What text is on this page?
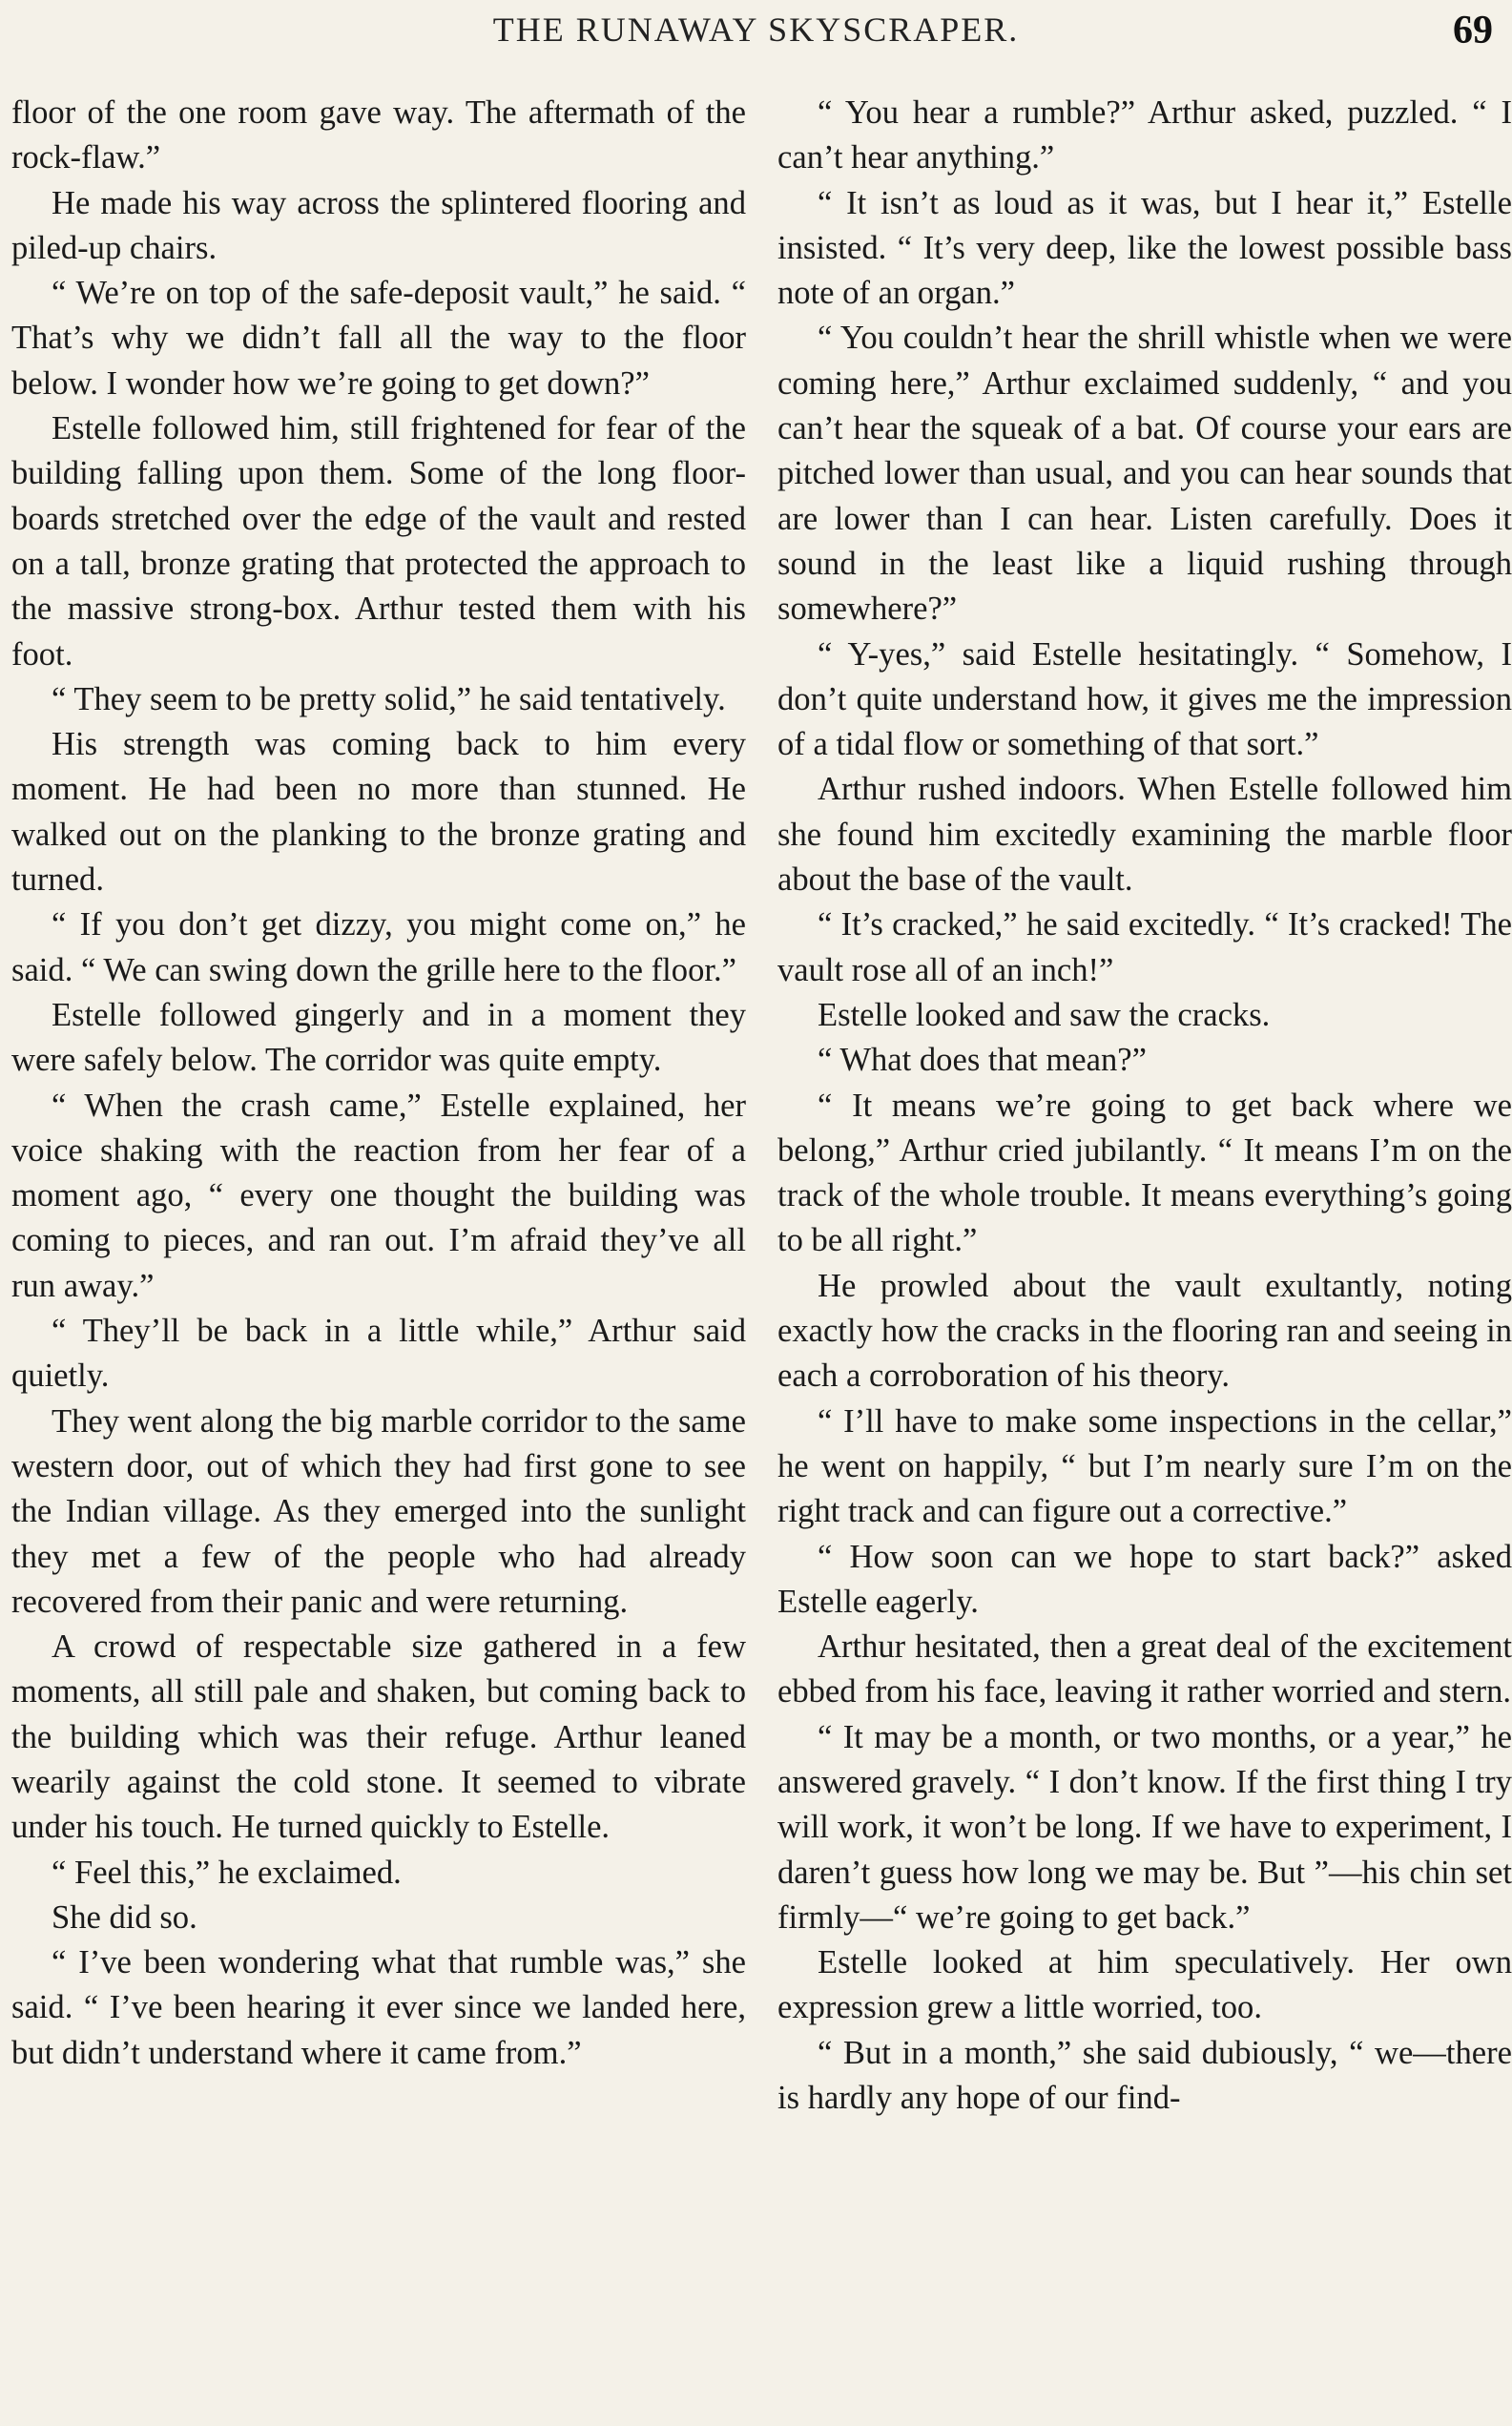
THE RUNAWAY SKYSCRAPER.	69

floor of the one room gave way. The aftermath of the rock-flaw.”

He made his way across the splintered flooring and piled-up chairs.

“ We’re on top of the safe-deposit vault,” he said. “ That’s why we didn’t fall all the way to the floor below. I wonder how we’re going to get down?”

Estelle followed him, still frightened for fear of the building falling upon them. Some of the long floor-boards stretched over the edge of the vault and rested on a tall, bronze grating that protected the approach to the massive strong-box. Arthur tested them with his foot.

“ They seem to be pretty solid,” he said tentatively.

His strength was coming back to him every moment. He had been no more than stunned. He walked out on the planking to the bronze grating and turned.

“ If you don’t get dizzy, you might come on,” he said. “ We can swing down the grille here to the floor.”

Estelle followed gingerly and in a moment they were safely below. The corridor was quite empty.

“ When the crash came,” Estelle explained, her voice shaking with the reaction from her fear of a moment ago, “ every one thought the building was coming to pieces, and ran out. I’m afraid they’ve all run away.”

“ They’ll be back in a little while,” Arthur said quietly.

They went along the big marble corridor to the same western door, out of which they had first gone to see the Indian village. As they emerged into the sunlight they met a few of the people who had already recovered from their panic and were returning.

A crowd of respectable size gathered in a few moments, all still pale and shaken, but coming back to the building which was their refuge. Arthur leaned wearily against the cold stone. It seemed to vibrate under his touch. He turned quickly to Estelle.

“ Feel this,” he exclaimed.

She did so.

“ I’ve been wondering what that rumble was,” she said. “ I’ve been hearing it ever since we landed here, but didn’t understand where it came from.”

“ You hear a rumble?” Arthur asked, puzzled. “ I can’t hear anything.”

“ It isn’t as loud as it was, but I hear it,” Estelle insisted. “ It’s very deep, like the lowest possible bass note of an organ.”

“ You couldn’t hear the shrill whistle when we were coming here,” Arthur exclaimed suddenly, “ and you can’t hear the squeak of a bat. Of course your ears are pitched lower than usual, and you can hear sounds that are lower than I can hear. Listen carefully. Does it sound in the least like a liquid rushing through somewhere?”

“ Y-yes,” said Estelle hesitatingly. “ Somehow, I don’t quite understand how, it gives me the impression of a tidal flow or something of that sort.”

Arthur rushed indoors. When Estelle followed him she found him excitedly examining the marble floor about the base of the vault.

“ It’s cracked,” he said excitedly. “ It’s cracked! The vault rose all of an inch!”

Estelle looked and saw the cracks.

“ What does that mean?”

“ It means we’re going to get back where we belong,” Arthur cried jubilantly. “ It means I’m on the track of the whole trouble. It means everything’s going to be all right.”

He prowled about the vault exultantly, noting exactly how the cracks in the flooring ran and seeing in each a corroboration of his theory.

“ I’ll have to make some inspections in the cellar,” he went on happily, “ but I’m nearly sure I’m on the right track and can figure out a corrective.”

“ How soon can we hope to start back?” asked Estelle eagerly.

Arthur hesitated, then a great deal of the excitement ebbed from his face, leaving it rather worried and stern.

“ It may be a month, or two months, or a year,” he answered gravely. “ I don’t know. If the first thing I try will work, it won’t be long. If we have to experiment, I daren’t guess how long we may be. But ”—his chin set firmly—“ we’re going to get back.”

Estelle looked at him speculatively. Her own expression grew a little worried, too.

“ But in a month,” she said dubiously, “ we—there is hardly any hope of our find-
